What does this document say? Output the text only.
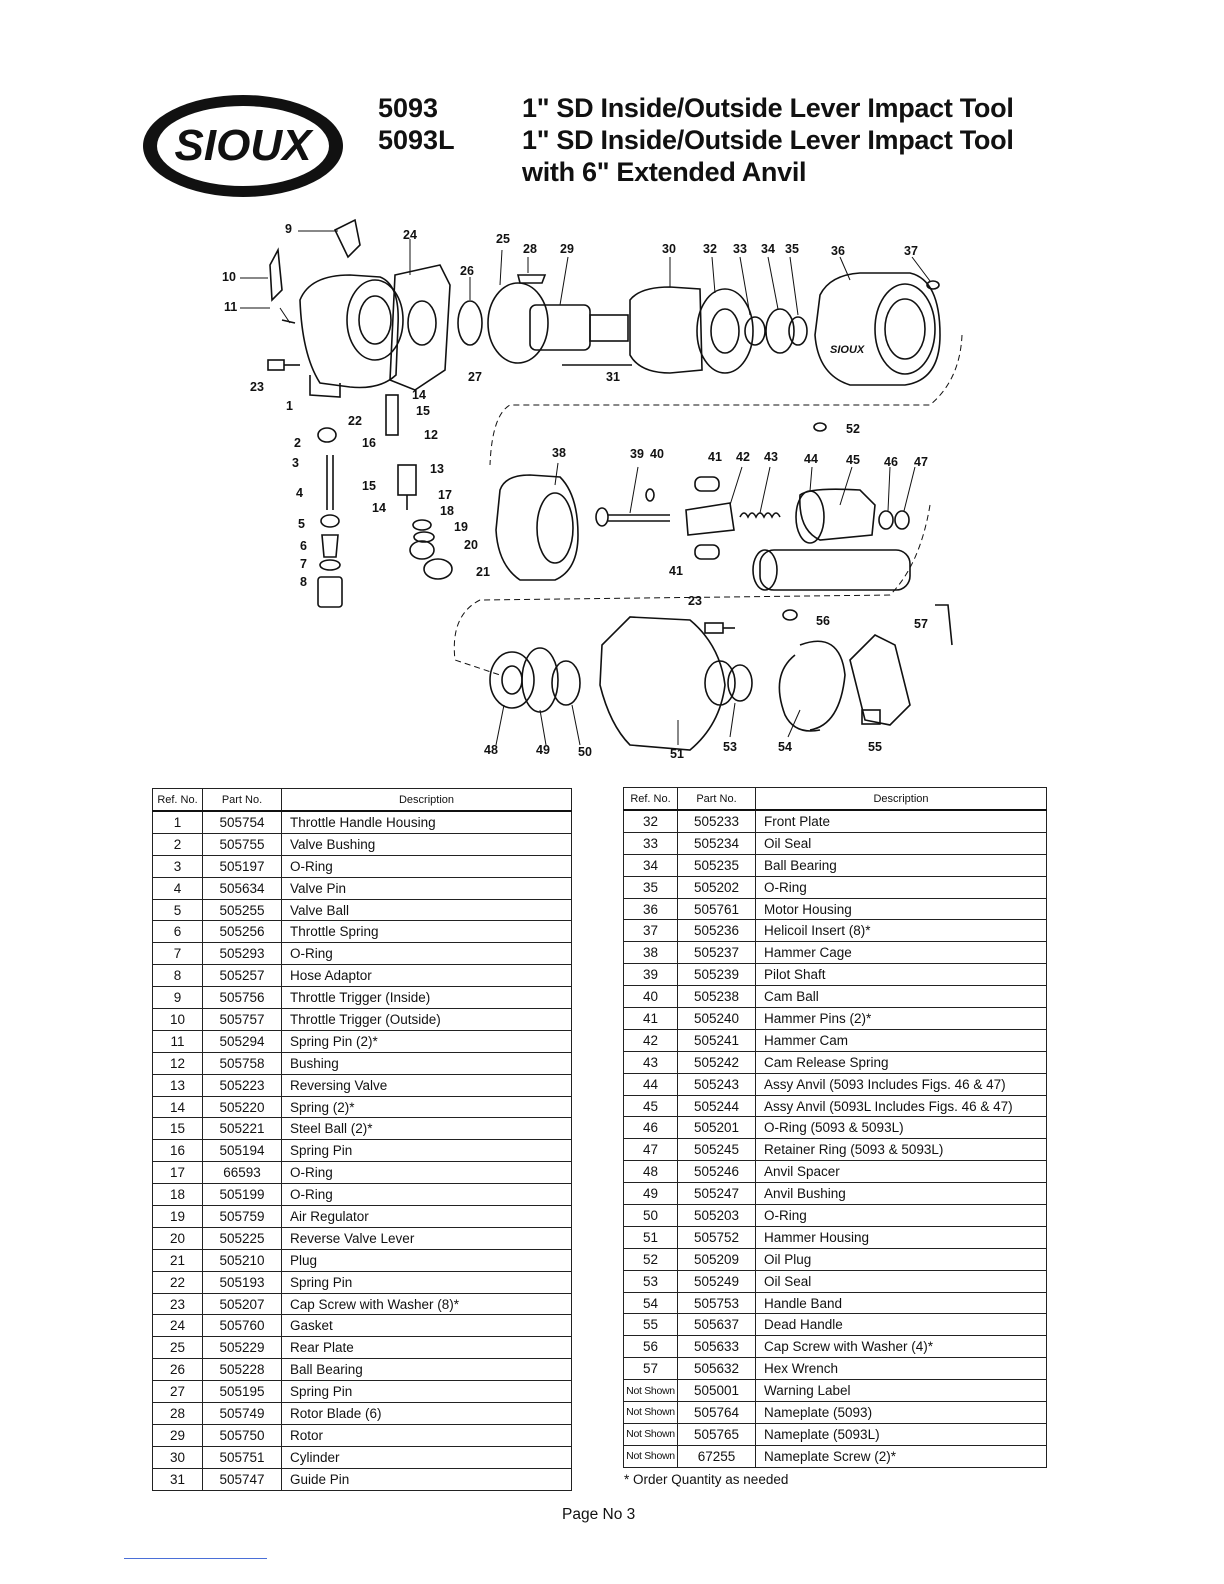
SIOUX
5093
5093L
1" SD Inside/Outside Lever Impact Tool
1" SD Inside/Outside Lever Impact Tool
with 6" Extended Anvil
SIOUX
1
2
3
4
5
6
7
8
9
10
11
12
13
14
15
16
17
18
19
20
21
22
23
24	25
26
27
28 29	30
31
32 33 34 35	36	37
38	39 40	41 42 43 44 45 46 47
48	49 50	51
52
53	54	55
56	57
15
14
41
23
Ref. No.	Part No.	Description
1	505754	Throttle Handle Housing
2	505755	Valve Bushing
3	505197	O-Ring
4	505634	Valve Pin
5	505255	Valve Ball
6	505256	Throttle Spring
7	505293	O-Ring
8	505257	Hose Adaptor
9	505756	Throttle Trigger (Inside)
10	505757	Throttle Trigger (Outside)
11	505294	Spring Pin (2)*
12	505758	Bushing
13	505223	Reversing Valve
14	505220	Spring (2)*
15	505221	Steel Ball (2)*
16	505194	Spring Pin
17	66593	O-Ring
18	505199	O-Ring
19	505759	Air Regulator
20	505225	Reverse Valve Lever
21	505210	Plug
22	505193	Spring Pin
23	505207	Cap Screw with Washer (8)*
24	505760	Gasket
25	505229	Rear Plate
26	505228	Ball Bearing
27	505195	Spring Pin
28	505749	Rotor Blade (6)
29	505750	Rotor
30	505751	Cylinder
31	505747	Guide Pin
Ref. No.	Part No.	Description
32	505233	Front Plate
33	505234	Oil Seal
34	505235	Ball Bearing
35	505202	O-Ring
36	505761	Motor Housing
37	505236	Helicoil Insert (8)*
38	505237	Hammer Cage
39	505239	Pilot Shaft
40	505238	Cam Ball
41	505240	Hammer Pins (2)*
42	505241	Hammer Cam
43	505242	Cam Release Spring
44	505243	Assy Anvil (5093 Includes Figs. 46 & 47)
45	505244	Assy Anvil (5093L Includes Figs. 46 & 47)
46	505201	O-Ring (5093 & 5093L)
47	505245	Retainer Ring (5093 & 5093L)
48	505246	Anvil Spacer
49	505247	Anvil Bushing
50	505203	O-Ring
51	505752	Hammer Housing
52	505209	Oil Plug
53	505249	Oil Seal
54	505753	Handle Band
55	505637	Dead Handle
56	505633	Cap Screw with Washer (4)*
57	505632	Hex Wrench
Not Shown	505001	Warning Label
Not Shown	505764	Nameplate (5093)
Not Shown	505765	Nameplate (5093L)
Not Shown	67255	Nameplate Screw (2)*
* Order Quantity as needed
Page No 3
